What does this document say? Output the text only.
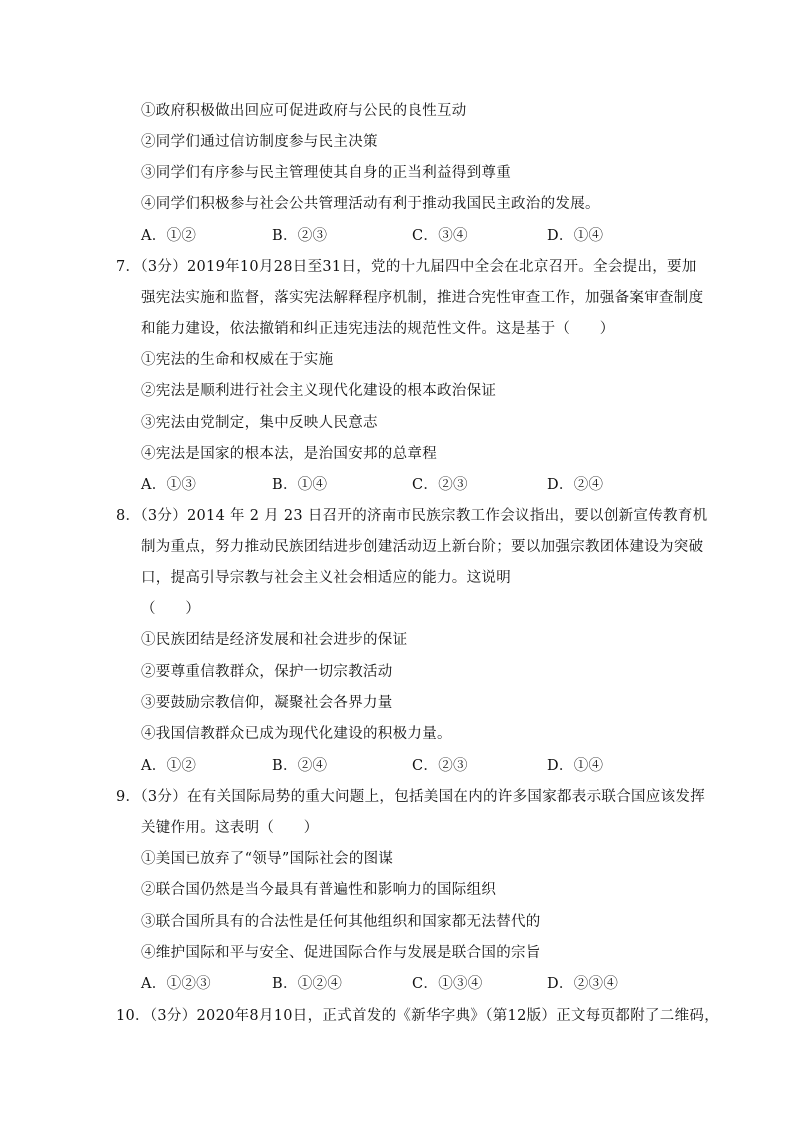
①政府积极做出回应可促进政府与公民的良性互动
②同学们通过信访制度参与民主决策
③同学们有序参与民主管理使其自身的正当利益得到尊重
④同学们积极参与社会公共管理活动有利于推动我国民主政治的发展。
A．①②	B．②③	C．③④	D．①④
7．（3分）2019年10月28日至31日，党的十九届四中全会在北京召开。全会提出，要加
强宪法实施和监督，落实宪法解释程序机制，推进合宪性审查工作，加强备案审查制度
和能力建设，依法撤销和纠正违宪违法的规范性文件。这是基于（　　）
①宪法的生命和权威在于实施
②宪法是顺利进行社会主义现代化建设的根本政治保证
③宪法由党制定，集中反映人民意志
④宪法是国家的根本法，是治国安邦的总章程
A．①③	B．①④	C．②③	D．②④
8．（3分）2014 年 2 月 23 日召开的济南市民族宗教工作会议指出，要以创新宣传教育机
制为重点，努力推动民族团结进步创建活动迈上新台阶；要以加强宗教团体建设为突破
口，提高引导宗教与社会主义社会相适应的能力。这说明
（　　）
①民族团结是经济发展和社会进步的保证
②要尊重信教群众，保护一切宗教活动
③要鼓励宗教信仰，凝聚社会各界力量
④我国信教群众已成为现代化建设的积极力量。
A．①②	B．②④	C．②③	D．①④
9．（3分）在有关国际局势的重大问题上，包括美国在内的许多国家都表示联合国应该发挥
关键作用。这表明（　　）
①美国已放弃了“领导”国际社会的图谋
②联合国仍然是当今最具有普遍性和影响力的国际组织
③联合国所具有的合法性是任何其他组织和国家都无法替代的
④维护国际和平与安全、促进国际合作与发展是联合国的宗旨
A．①②③	B．①②④	C．①③④	D．②③④
10．（3分）2020年8月10日，正式首发的《新华字典》（第12版）正文每页都附了二维码，
